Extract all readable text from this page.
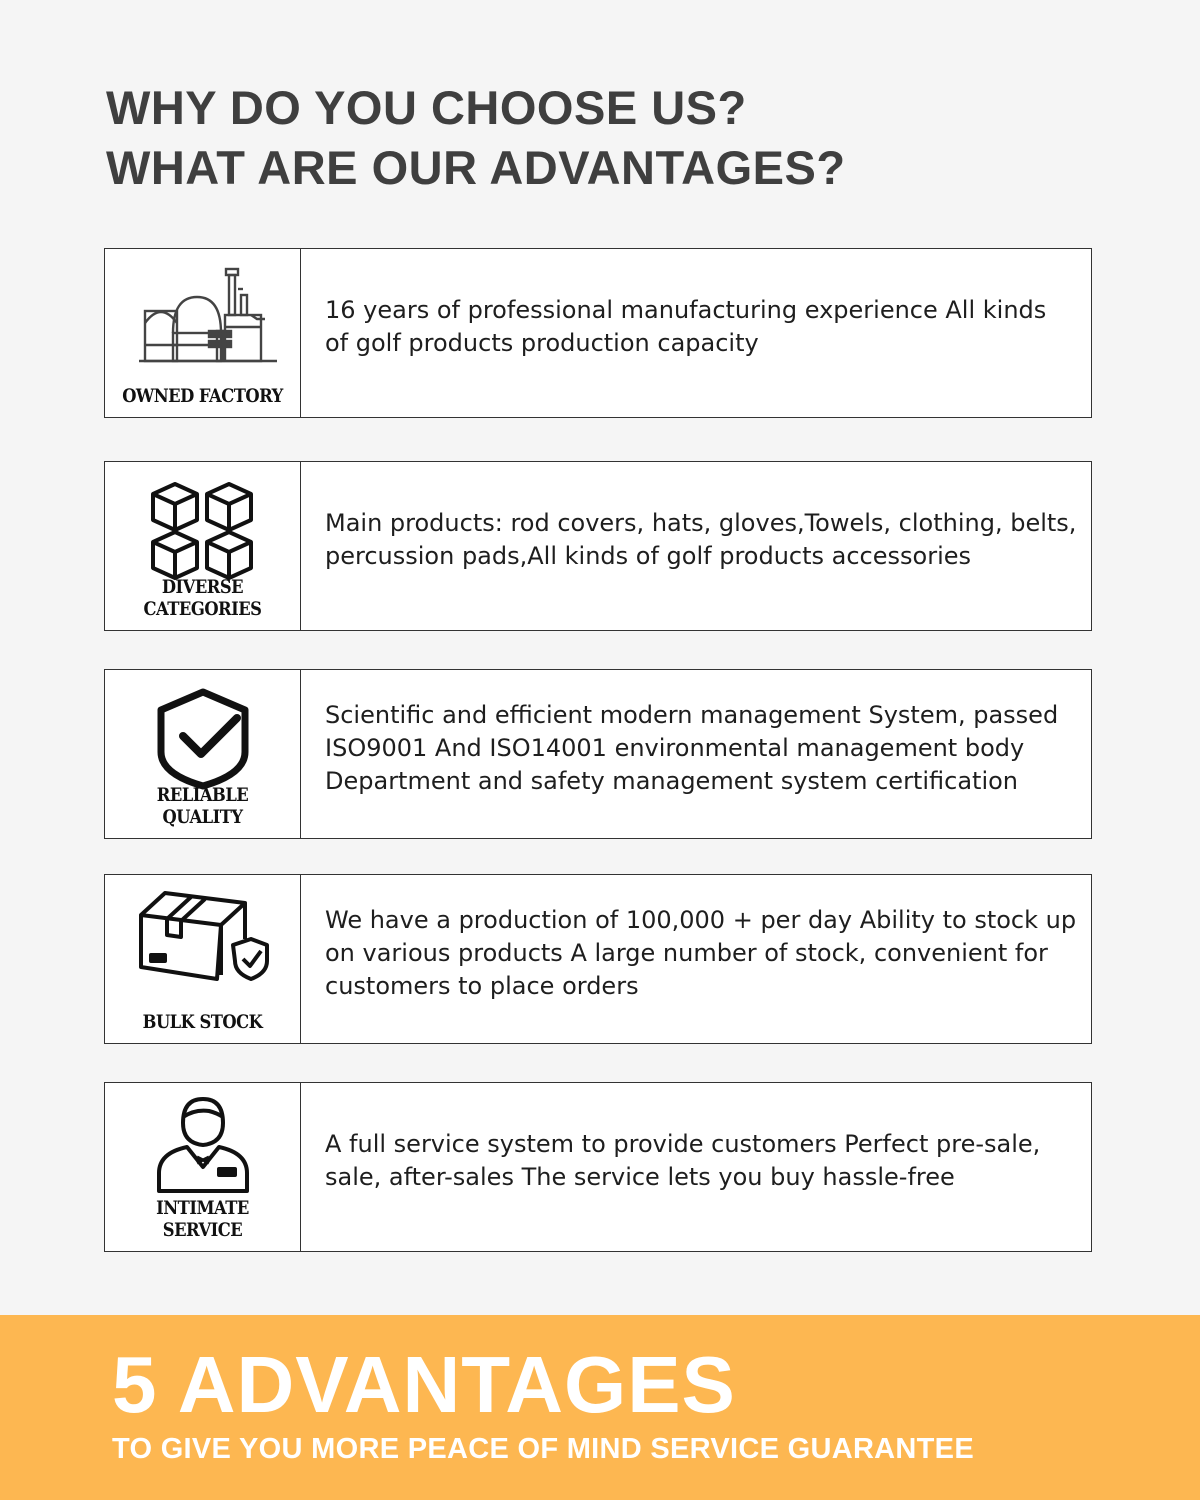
WHY DO YOU CHOOSE US?
WHAT ARE OUR ADVANTAGES?
OWNED FACTORY
16 years of professional manufacturing experience All kinds of golf products production capacity
DIVERSE CATEGORIES
Main products: rod covers, hats, gloves,Towels, clothing, belts, percussion pads,All kinds of golf products accessories
RELIABLE QUALITY
Scientific and efficient modern management System, passed ISO9001 And ISO14001 environmental management body Department and safety management system certification
BULK STOCK
We have a production of 100,000 + per day Ability to stock up on various products A large number of stock, convenient for customers to place orders
INTIMATE SERVICE
A full service system to provide customers Perfect pre-sale, sale, after-sales The service lets you buy hassle-free
5 ADVANTAGES
TO GIVE YOU MORE PEACE OF MIND SERVICE GUARANTEE
